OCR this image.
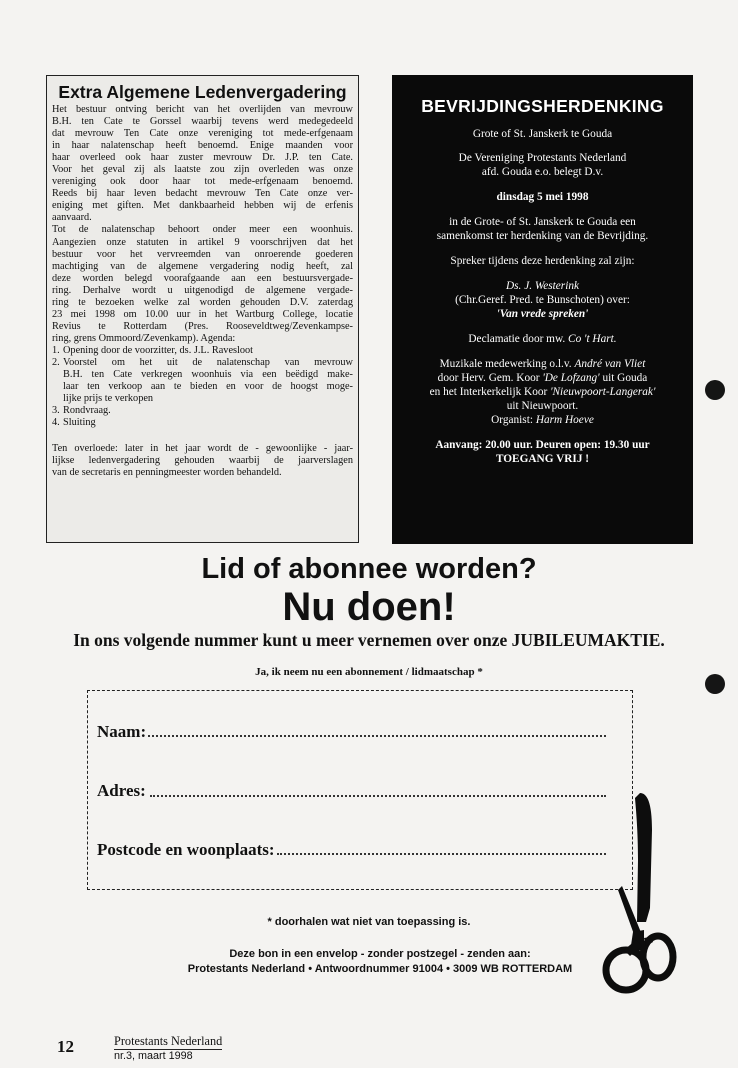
Extra Algemene Ledenvergadering
Het bestuur ontving bericht van het overlijden van mevrouw
B.H. ten Cate te Gorssel waarbij tevens werd medegedeeld
dat mevrouw Ten Cate onze vereniging tot mede-erfgenaam
in haar nalatenschap heeft benoemd. Enige maanden voor
haar overleed ook haar zuster mevrouw Dr. J.P. ten Cate.
Voor het geval zij als laatste zou zijn overleden was onze
vereniging ook door haar tot mede-erfgenaam benoemd.
Reeds bij haar leven bedacht mevrouw Ten Cate onze ver-
eniging met giften. Met dankbaarheid hebben wij de erfenis
aanvaard.
Tot de nalatenschap behoort onder meer een woonhuis.
Aangezien onze statuten in artikel 9 voorschrijven dat het
bestuur voor het vervreemden van onroerende goederen
machtiging van de algemene vergadering nodig heeft, zal
deze worden belegd voorafgaande aan een bestuursvergade-
ring. Derhalve wordt u uitgenodigd de algemene vergade-
ring te bezoeken welke zal worden gehouden D.V. zaterdag
23 mei 1998 om 10.00 uur in het Wartburg College, locatie
Revius te Rotterdam (Pres. Rooseveldtweg/Zevenkampse-
ring, grens Ommoord/Zevenkamp). Agenda:
1. Opening door de voorzitter, ds. J.L. Ravesloot
2. Voorstel om het uit de nalatenschap van mevrouw
B.H. ten Cate verkregen woonhuis via een beëdigd make-
laar ten verkoop aan te bieden en voor de hoogst moge-
lijke prijs te verkopen
3. Rondvraag.
4. Sluiting
Ten overloede: later in het jaar wordt de - gewoonlijke - jaar-
lijkse ledenvergadering gehouden waarbij de jaarverslagen
van de secretaris en penningmeester worden behandeld.
BEVRIJDINGSHERDENKING

Grote of St. Janskerk te Gouda

De Vereniging Protestants Nederland

afd. Gouda e.o. belegt D.v.

dinsdag 5 mei 1998

in de Grote- of St. Janskerk te Gouda een

samenkomst ter herdenking van de Bevrijding.

Spreker tijdens deze herdenking zal zijn:

Ds. J. Westerink

(Chr.Geref. Pred. te Bunschoten) over:

'Van vrede spreken'

Declamatie door mw. Co 't Hart.

Muzikale medewerking o.l.v. André van Vliet

door Herv. Gem. Koor 'De Lofzang' uit Gouda

en het Interkerkelijk Koor 'Nieuwpoort-Langerak'

uit Nieuwpoort.

Organist: Harm Hoeve

Aanvang: 20.00 uur. Deuren open: 19.30 uur

TOEGANG VRIJ !

Lid of abonnee worden?
Nu doen!
In ons volgende nummer kunt u meer vernemen over onze JUBILEUMAKTIE.
Ja, ik neem nu een abonnement / lidmaatschap *
Naam:
Adres:
Postcode en woonplaats:
* doorhalen wat niet van toepassing is.
Deze bon in een envelop - zonder postzegel - zenden aan:
Protestants Nederland • Antwoordnummer 91004 • 3009 WB ROTTERDAM
12	Protestants Nederland
nr.3, maart 1998
